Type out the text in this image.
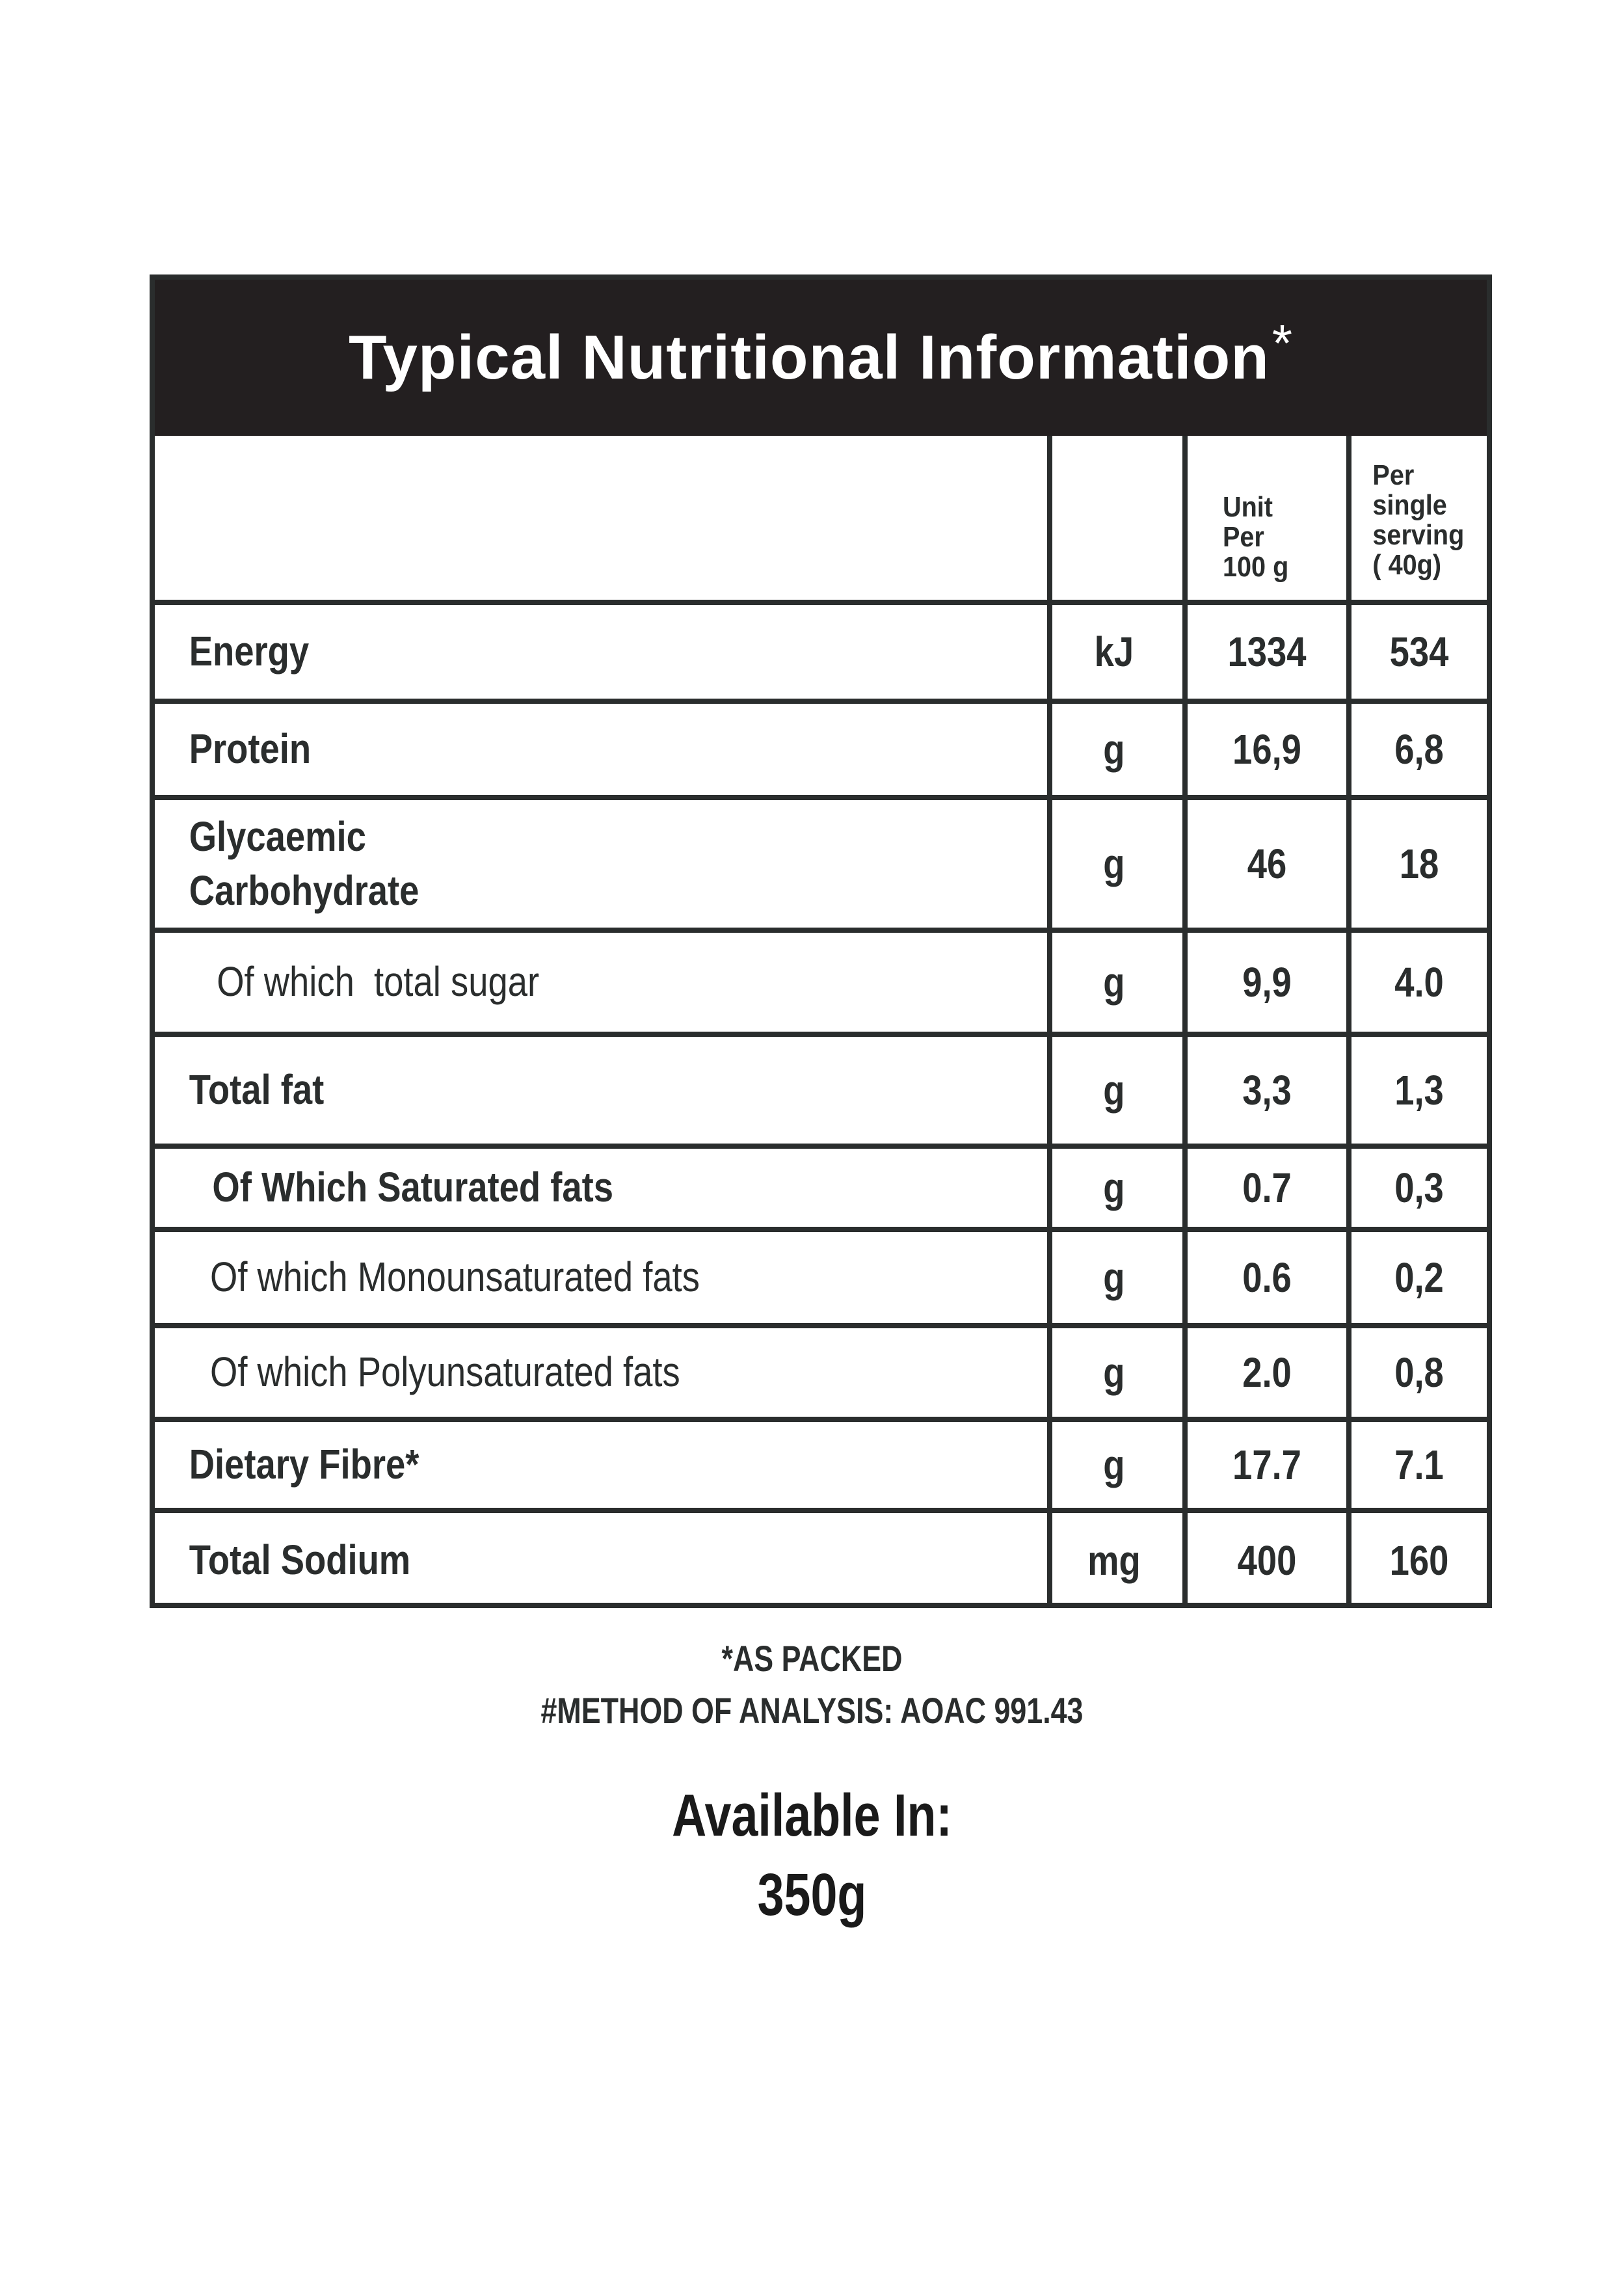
Typical Nutritional Information *

		Unit
Per
100 g	Per
single
serving
( 40g)

Energy	kJ	1334	534

Protein	g	16,9	6,8

Glycaemic
Carbohydrate	g	46	18

Of which  total sugar	g	9,9	4.0

Total fat	g	3,3	1,3

Of Which Saturated fats	g	0.7	0,3

Of which Monounsaturated fats	g	0.6	0,2

Of which Polyunsaturated fats	g	2.0	0,8

Dietary Fibre*	g	17.7	7.1

Total Sodium	mg	400	160
*AS PACKED
#METHOD OF ANALYSIS: AOAC 991.43
Available In:
350g
